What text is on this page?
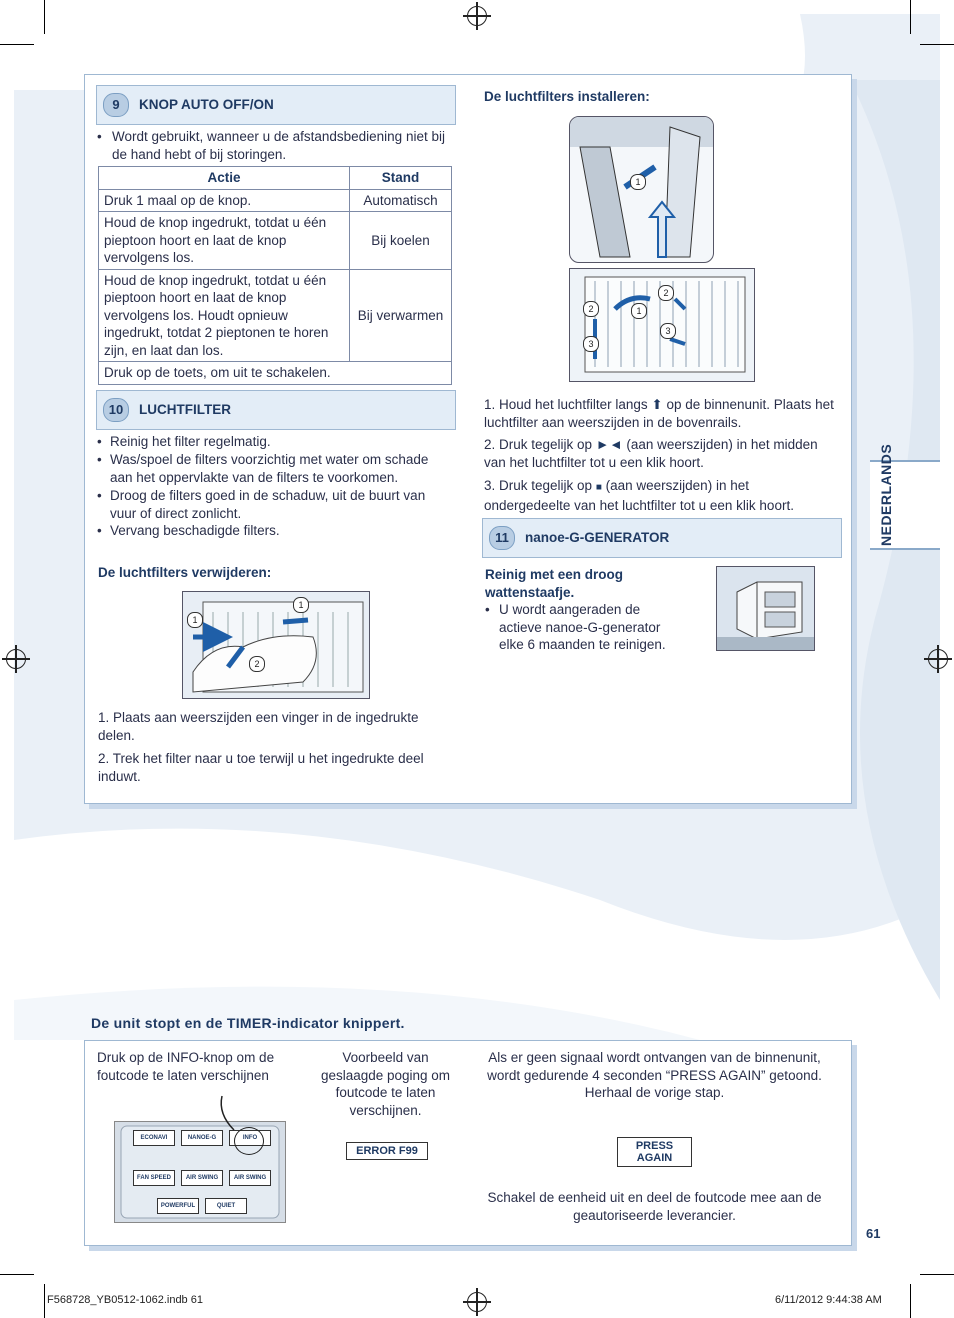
NEDERLANDS
9	KNOP AUTO OFF/ON
• Wordt gebruikt, wanneer u de afstandsbediening niet bij de hand hebt of bij storingen.
Actie	Stand
Druk 1 maal op de knop.	Automatisch
Houd de knop ingedrukt, totdat u één pieptoon hoort en laat de knop vervolgens los.	Bij koelen
Houd de knop ingedrukt, totdat u één pieptoon hoort en laat de knop vervolgens los. Houdt opnieuw ingedrukt, totdat 2 pieptonen te horen zijn, en laat dan los.	Bij verwarmen
Druk op de toets, om uit te schakelen.	
10	LUCHTFILTER
• Reinig het filter regelmatig.
• Was/spoel de filters voorzichtig met water om schade aan het oppervlakte van de filters te voorkomen.
• Droog de filters goed in de schaduw, uit de buurt van vuur of direct zonlicht.
• Vervang beschadigde filters.
De luchtfilters verwijderen:
1
1
2
1. Plaats aan weerszijden een vinger in de ingedrukte delen.
2. Trek het filter naar u toe terwijl u het ingedrukte deel induwt.
De luchtfilters installeren:
1
2	1
2
3
3
1. Houd het luchtfilter langs ⬆ op de binnenunit. Plaats het luchtfilter aan weerszijden in de bovenrails.
2. Druk tegelijk op ►◄ (aan weerszijden) in het midden van het luchtfilter tot u een klik hoort.
3. Druk tegelijk op ■ (aan weerszijden) in het ondergedeelte van het luchtfilter tot u een klik hoort.
11	nanoe-G-GENERATOR
Reinig met een droog wattenstaafje.
• U wordt aangeraden de actieve nanoe-G-generator elke 6 maanden te reinigen.
De unit stopt en de TIMER-indicator knippert.
Druk op de INFO-knop om de foutcode te laten verschijnen
Voorbeeld van geslaagde poging om foutcode te laten verschijnen.
Als er geen signaal wordt ontvangen van de binnenunit, wordt gedurende 4 seconden “PRESS AGAIN” getoond. Herhaal de vorige stap.
ECONAVI	NANOE-G	INFO
FAN SPEED	AIR SWING	AIR SWING
POWERFUL	QUIET
ERROR F99	PRESS AGAIN
Schakel de eenheid uit en deel de foutcode mee aan de geautoriseerde leverancier.
61
F568728_YB0512-1062.indb 61	6/11/2012 9:44:38 AM
